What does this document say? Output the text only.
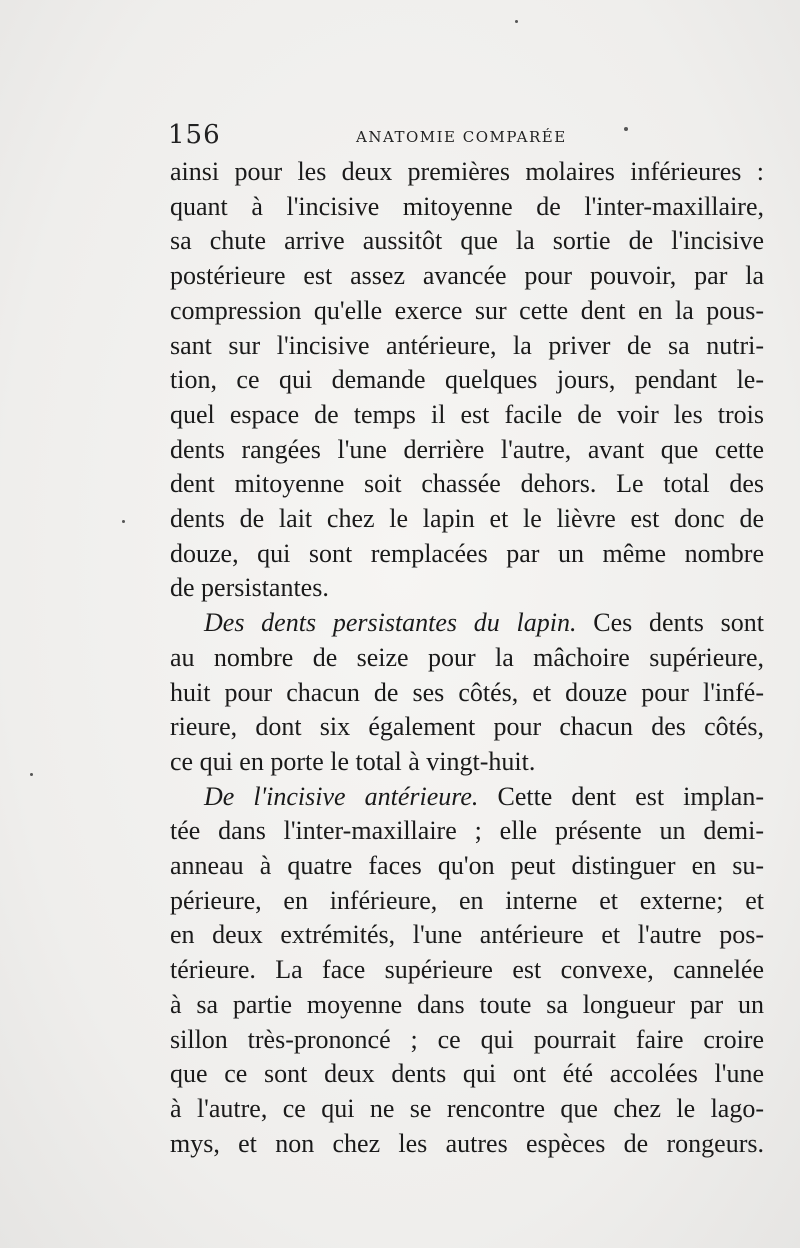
156	ANATOMIE COMPARÉE
ainsi pour les deux premières molaires inférieures :
quant à l'incisive mitoyenne de l'inter-maxillaire,
sa chute arrive aussitôt que la sortie de l'incisive
postérieure est assez avancée pour pouvoir, par la
compression qu'elle exerce sur cette dent en la pous-
sant sur l'incisive antérieure, la priver de sa nutri-
tion, ce qui demande quelques jours, pendant le-
quel espace de temps il est facile de voir les trois
dents rangées l'une derrière l'autre, avant que cette
dent mitoyenne soit chassée dehors. Le total des
dents de lait chez le lapin et le lièvre est donc de
douze, qui sont remplacées par un même nombre
de persistantes.
Des dents persistantes du lapin. Ces dents sont
au nombre de seize pour la mâchoire supérieure,
huit pour chacun de ses côtés, et douze pour l'infé-
rieure, dont six également pour chacun des côtés,
ce qui en porte le total à vingt-huit.
De l'incisive antérieure. Cette dent est implan-
tée dans l'inter-maxillaire ; elle présente un demi-
anneau à quatre faces qu'on peut distinguer en su-
périeure, en inférieure, en interne et externe; et
en deux extrémités, l'une antérieure et l'autre pos-
térieure. La face supérieure est convexe, cannelée
à sa partie moyenne dans toute sa longueur par un
sillon très-prononcé ; ce qui pourrait faire croire
que ce sont deux dents qui ont été accolées l'une
à l'autre, ce qui ne se rencontre que chez le lago-
mys, et non chez les autres espèces de rongeurs.
